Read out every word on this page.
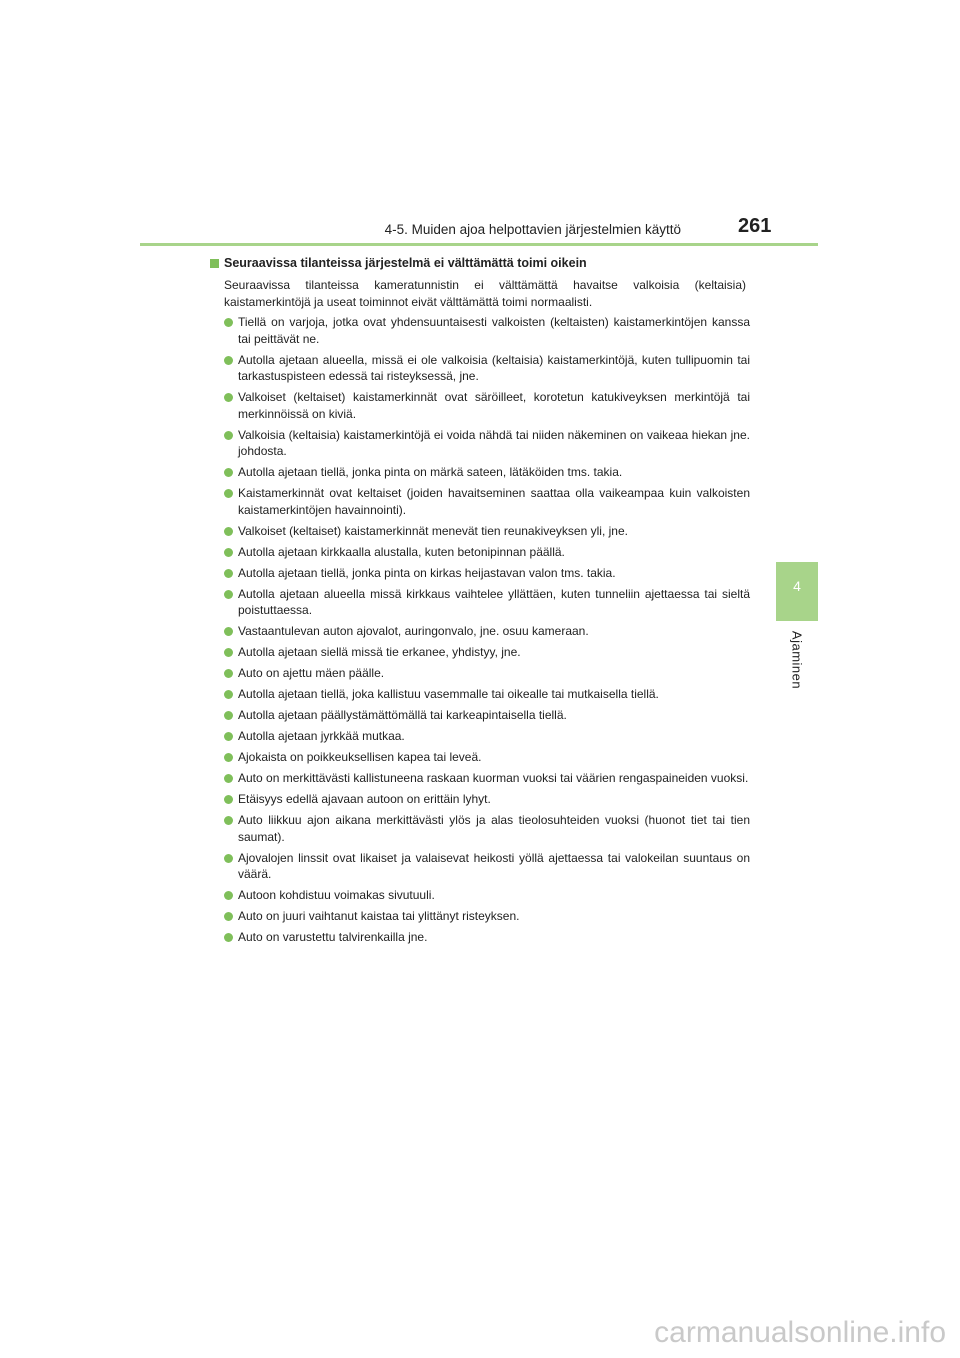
4-5. Muiden ajoa helpottavien järjestelmien käyttö	261
4
Ajaminen
Seuraavissa tilanteissa järjestelmä ei välttämättä toimi oikein
Seuraavissa tilanteissa kameratunnistin ei välttämättä havaitse valkoisia (keltaisia) kaistamerkintöjä ja useat toiminnot eivät välttämättä toimi normaalisti.
Tiellä on varjoja, jotka ovat yhdensuuntaisesti valkoisten (keltaisten) kaistamerkintöjen kanssa tai peittävät ne.
Autolla ajetaan alueella, missä ei ole valkoisia (keltaisia) kaistamerkintöjä, kuten tullipuomin tai tarkastuspisteen edessä tai risteyksessä, jne.
Valkoiset (keltaiset) kaistamerkinnät ovat säröilleet, korotetun katukiveyksen merkintöjä tai merkinnöissä on kiviä.
Valkoisia (keltaisia) kaistamerkintöjä ei voida nähdä tai niiden näkeminen on vaikeaa hiekan jne. johdosta.
Autolla ajetaan tiellä, jonka pinta on märkä sateen, lätäköiden tms. takia.
Kaistamerkinnät ovat keltaiset (joiden havaitseminen saattaa olla vaikeampaa kuin valkoisten kaistamerkintöjen havainnointi).
Valkoiset (keltaiset) kaistamerkinnät menevät tien reunakiveyksen yli, jne.
Autolla ajetaan kirkkaalla alustalla, kuten betonipinnan päällä.
Autolla ajetaan tiellä, jonka pinta on kirkas heijastavan valon tms. takia.
Autolla ajetaan alueella missä kirkkaus vaihtelee yllättäen, kuten tunneliin ajettaessa tai sieltä poistuttaessa.
Vastaantulevan auton ajovalot, auringonvalo, jne. osuu kameraan.
Autolla ajetaan siellä missä tie erkanee, yhdistyy, jne.
Auto on ajettu mäen päälle.
Autolla ajetaan tiellä, joka kallistuu vasemmalle tai oikealle tai mutkaisella tiellä.
Autolla ajetaan päällystämättömällä tai karkeapintaisella tiellä.
Autolla ajetaan jyrkkää mutkaa.
Ajokaista on poikkeuksellisen kapea tai leveä.
Auto on merkittävästi kallistuneena raskaan kuorman vuoksi tai väärien rengaspaineiden vuoksi.
Etäisyys edellä ajavaan autoon on erittäin lyhyt.
Auto liikkuu ajon aikana merkittävästi ylös ja alas tieolosuhteiden vuoksi (huonot tiet tai tien saumat).
Ajovalojen linssit ovat likaiset ja valaisevat heikosti yöllä ajettaessa tai valokeilan suuntaus on väärä.
Autoon kohdistuu voimakas sivutuuli.
Auto on juuri vaihtanut kaistaa tai ylittänyt risteyksen.
Auto on varustettu talvirenkailla jne.
carmanualsonline.info
